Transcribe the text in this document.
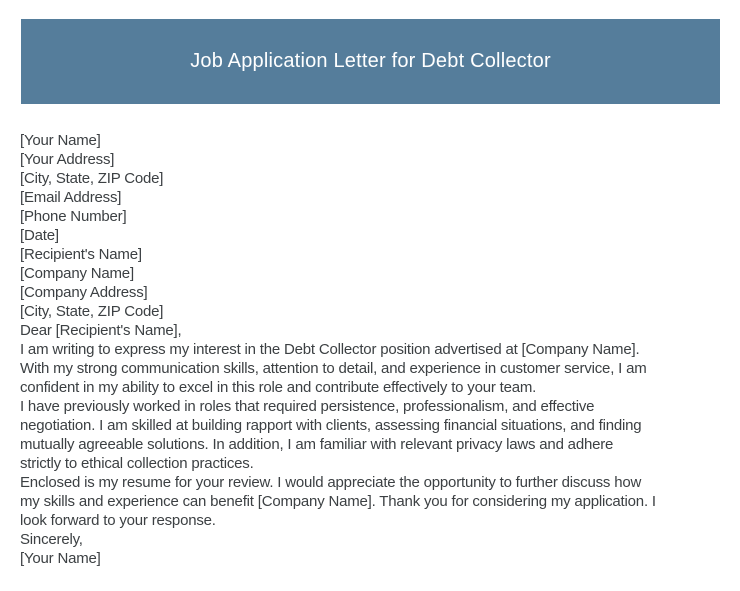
Job Application Letter for Debt Collector
[Your Name]
[Your Address]
[City, State, ZIP Code]
[Email Address]
[Phone Number]
[Date]
[Recipient's Name]
[Company Name]
[Company Address]
[City, State, ZIP Code]
Dear [Recipient's Name],
I am writing to express my interest in the Debt Collector position advertised at [Company Name].
With my strong communication skills, attention to detail, and experience in customer service, I am
confident in my ability to excel in this role and contribute effectively to your team.
I have previously worked in roles that required persistence, professionalism, and effective
negotiation. I am skilled at building rapport with clients, assessing financial situations, and finding
mutually agreeable solutions. In addition, I am familiar with relevant privacy laws and adhere
strictly to ethical collection practices.
Enclosed is my resume for your review. I would appreciate the opportunity to further discuss how
my skills and experience can benefit [Company Name]. Thank you for considering my application. I
look forward to your response.
Sincerely,
[Your Name]
